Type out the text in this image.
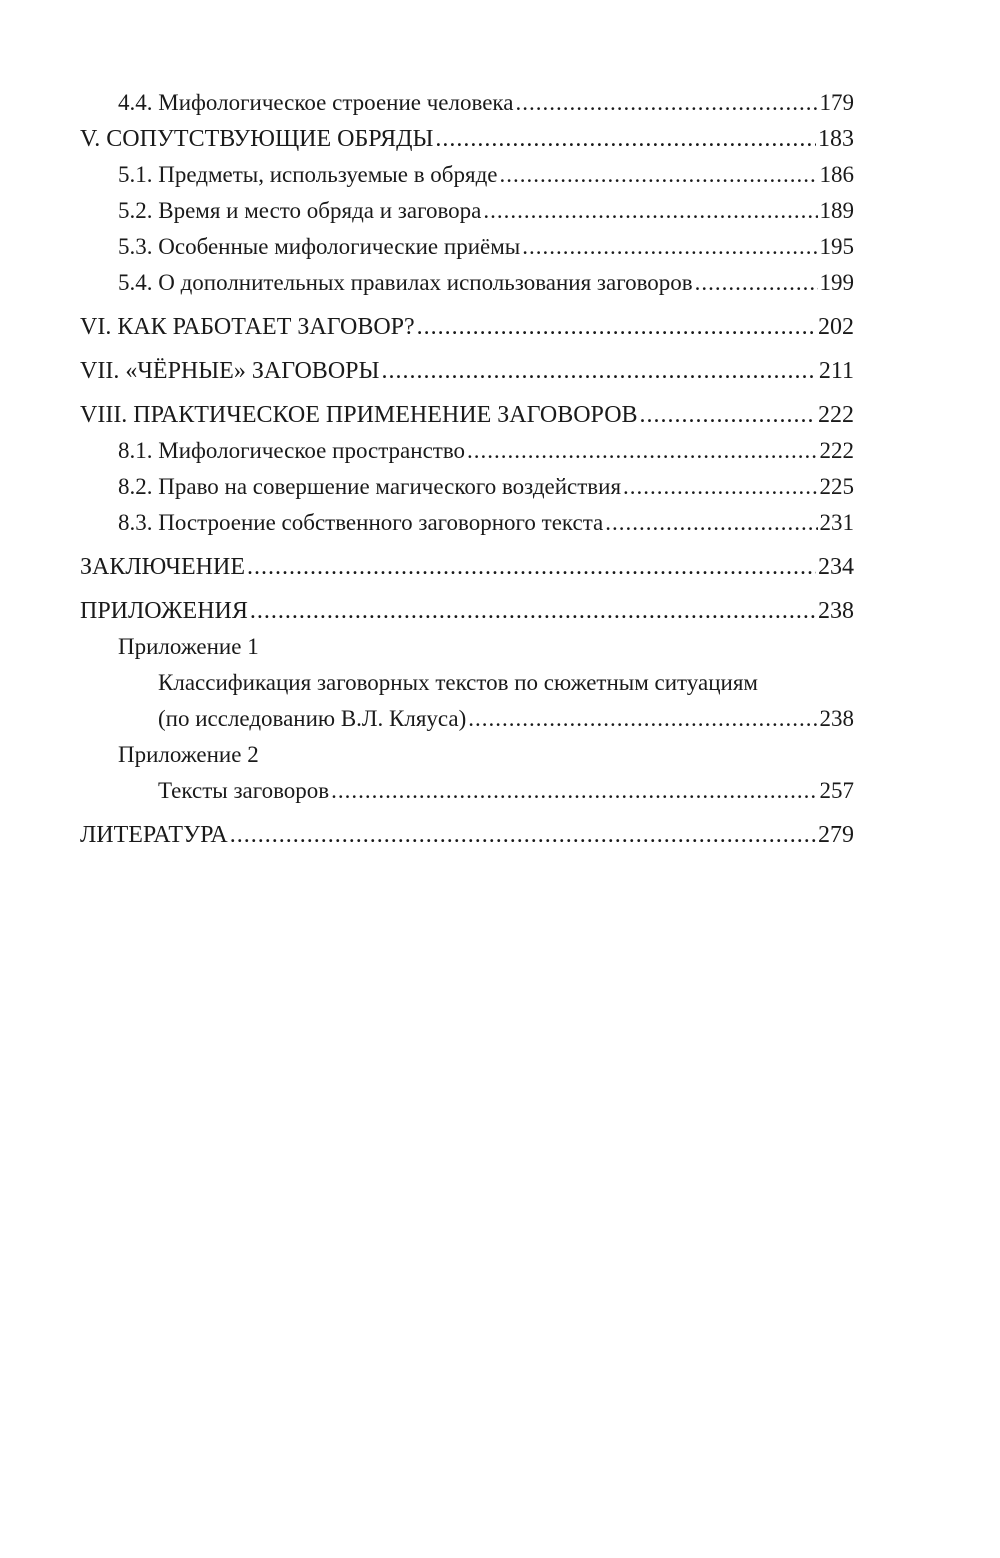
4.4. Мифологическое строение человека .....	179
V. СОПУТСТВУЮЩИЕ ОБРЯДЫ .....	183
5.1. Предметы, используемые в обряде .....	186
5.2. Время и место обряда и заговора .....	189
5.3. Особенные мифологические приёмы .....	195
5.4. О дополнительных правилах использования заговоров .....	199
VI. КАК РАБОТАЕТ ЗАГОВОР? .....	202
VII. «ЧЁРНЫЕ» ЗАГОВОРЫ .....	211
VIII. ПРАКТИЧЕСКОЕ ПРИМЕНЕНИЕ ЗАГОВОРОВ .....	222
8.1. Мифологическое пространство .....	222
8.2. Право на совершение магического воздействия .....	225
8.3. Построение собственного заговорного текста .....	231
ЗАКЛЮЧЕНИЕ .....	234
ПРИЛОЖЕНИЯ .....	238
Приложение 1
Классификация заговорных текстов по сюжетным ситуациям
(по исследованию В.Л. Кляуса) .....	238
Приложение 2
Тексты заговоров .....	257
ЛИТЕРАТУРА .....	279
